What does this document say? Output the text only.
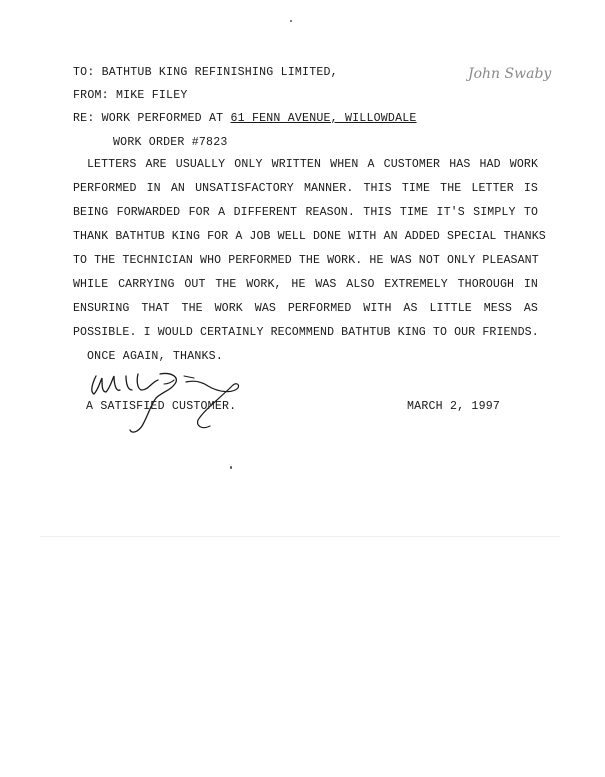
TO: BATHTUB KING REFINISHING LIMITED,
FROM: MIKE FILEY
RE: WORK PERFORMED AT 61 FENN AVENUE, WILLOWDALE
WORK ORDER #7823
John Swaby
LETTERS ARE USUALLY ONLY WRITTEN WHEN A CUSTOMER HAS HAD WORK
PERFORMED IN AN UNSATISFACTORY MANNER. THIS TIME THE LETTER IS
BEING FORWARDED FOR A DIFFERENT REASON. THIS TIME IT'S SIMPLY TO
THANK BATHTUB KING FOR A JOB WELL DONE WITH AN ADDED SPECIAL THANKS
TO THE TECHNICIAN WHO PERFORMED THE WORK. HE WAS NOT ONLY PLEASANT
WHILE CARRYING OUT THE WORK, HE WAS ALSO EXTREMELY THOROUGH IN
ENSURING THAT THE WORK WAS PERFORMED WITH AS LITTLE MESS AS
POSSIBLE. I WOULD CERTAINLY RECOMMEND BATHTUB KING TO OUR FRIENDS.
ONCE AGAIN, THANKS.
A SATISFIED CUSTOMER.	MARCH 2, 1997
